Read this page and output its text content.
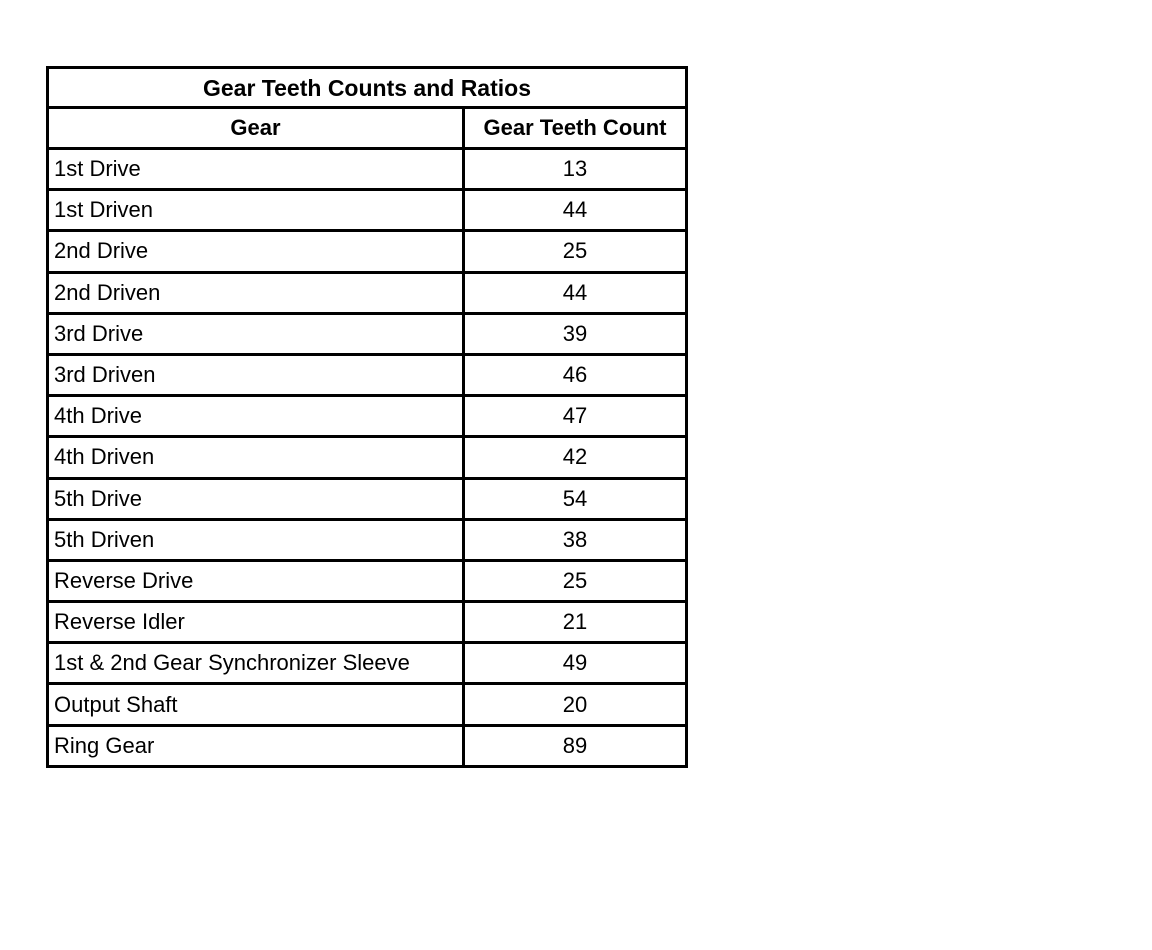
Gear Teeth Counts and Ratios
Gear	Gear Teeth Count
1st Drive	13
1st Driven	44
2nd Drive	25
2nd Driven	44
3rd Drive	39
3rd Driven	46
4th Drive	47
4th Driven	42
5th Drive	54
5th Driven	38
Reverse Drive	25
Reverse Idler	21
1st & 2nd Gear Synchronizer Sleeve	49
Output Shaft	20
Ring Gear	89
